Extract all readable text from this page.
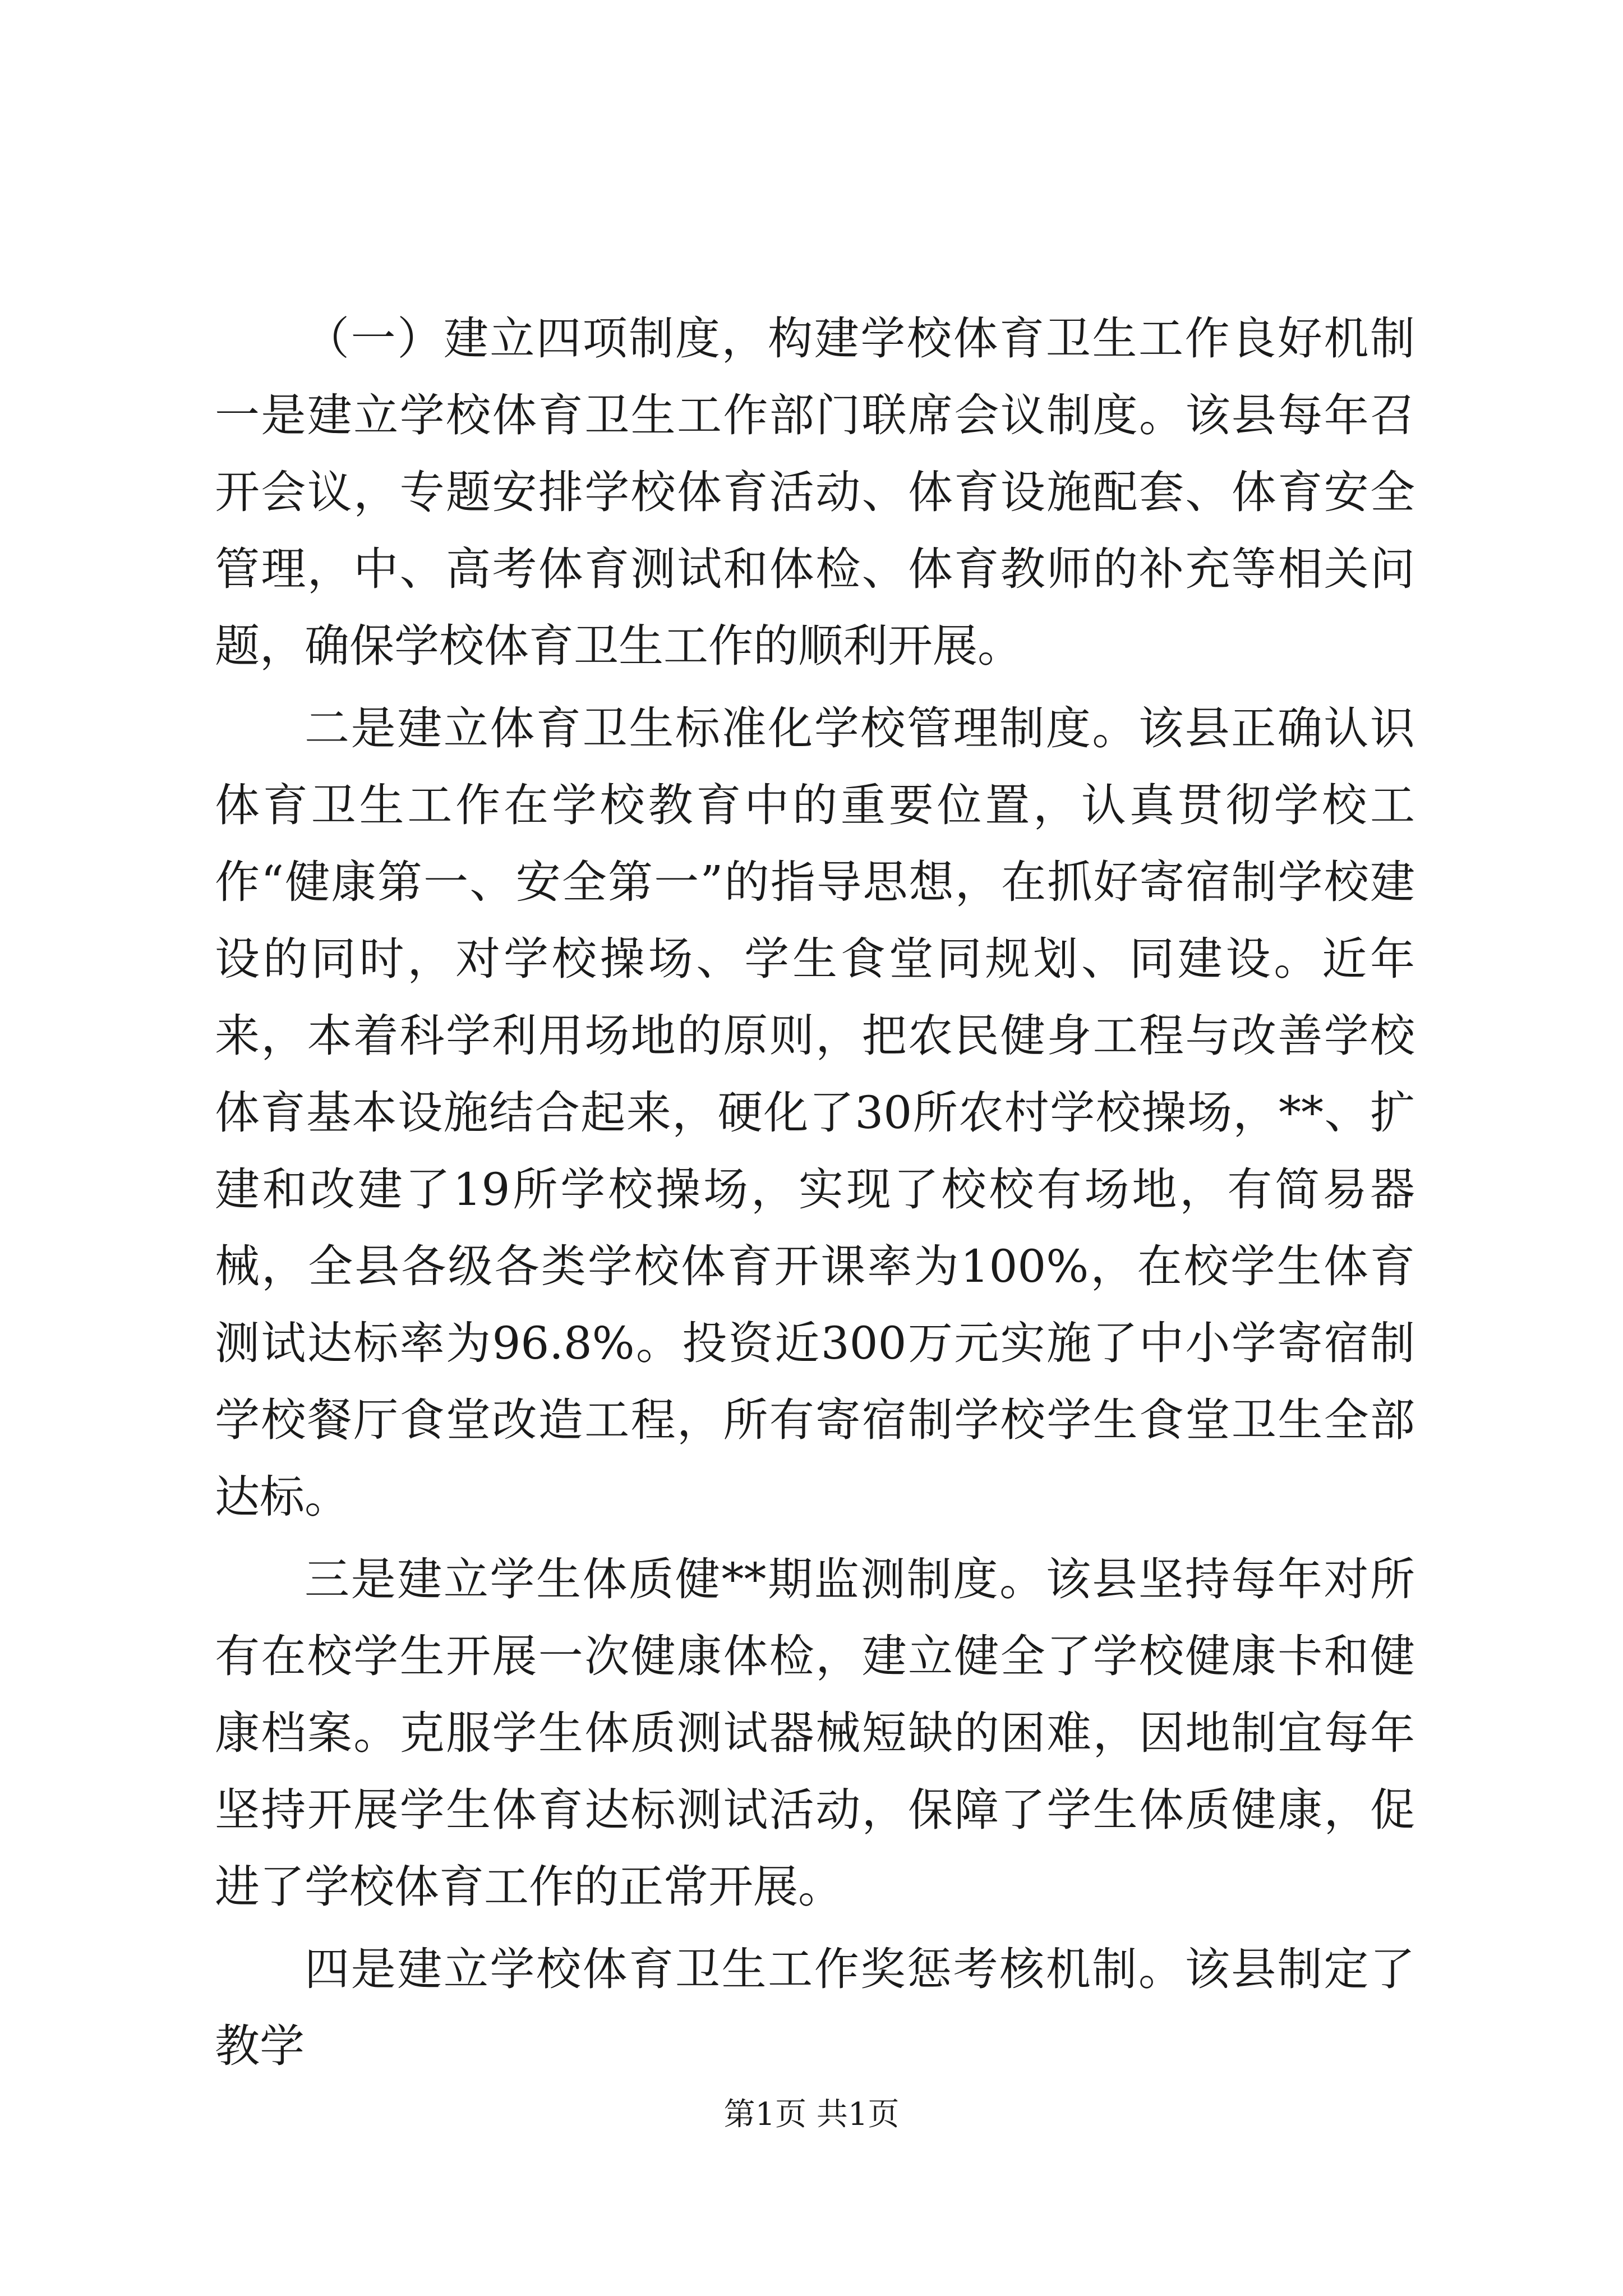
（一）建立四项制度，构建学校体育卫生工作良好机制一是建立学校体育卫生工作部门联席会议制度。该县每年召开会议，专题安排学校体育活动、体育设施配套、体育安全管理，中、高考体育测试和体检、体育教师的补充等相关问题，确保学校体育卫生工作的顺利开展。

二是建立体育卫生标准化学校管理制度。该县正确认识体育卫生工作在学校教育中的重要位置，认真贯彻学校工作“健康第一、安全第一”的指导思想，在抓好寄宿制学校建设的同时，对学校操场、学生食堂同规划、同建设。近年来，本着科学利用场地的原则，把农民健身工程与改善学校体育基本设施结合起来，硬化了30所农村学校操场，**、扩建和改建了19所学校操场，实现了校校有场地，有简易器械，全县各级各类学校体育开课率为100%，在校学生体育测试达标率为96.8%。投资近300万元实施了中小学寄宿制学校餐厅食堂改造工程，所有寄宿制学校学生食堂卫生全部达标。

三是建立学生体质健**期监测制度。该县坚持每年对所有在校学生开展一次健康体检，建立健全了学校健康卡和健康档案。克服学生体质测试器械短缺的困难，因地制宜每年坚持开展学生体育达标测试活动，保障了学生体质健康，促进了学校体育工作的正常开展。

四是建立学校体育卫生工作奖惩考核机制。该县制定了教学

第1页 共1页
